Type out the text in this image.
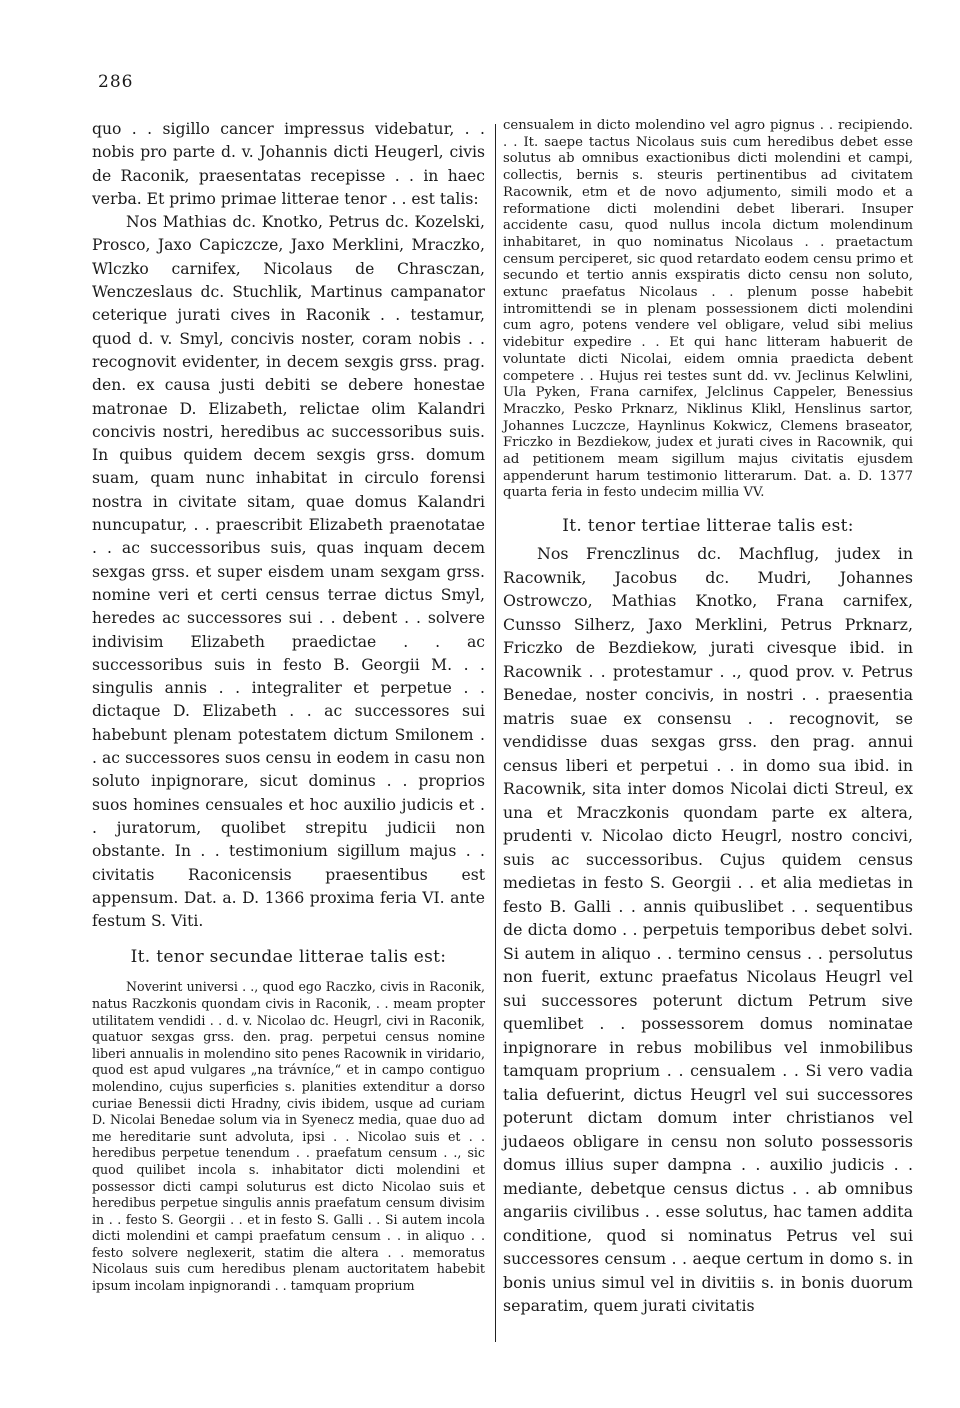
286

quo . . sigillo cancer impressus videbatur, . . nobis pro parte d. v. Johannis dicti Heugerl, civis de Raconik, praesentatas recepisse . . in haec verba. Et primo primae litterae tenor . . est talis:

Nos Mathias dc. Knotko, Petrus dc. Kozelski, Prosco, Jaxo Capiczcze, Jaxo Merklini, Mraczko, Wlczko carnifex, Nicolaus de Chrasczan, Wenczeslaus dc. Stuchlik, Martinus campanator ceterique jurati cives in Raconik . . testamur, quod d. v. Smyl, concivis noster, coram nobis . . recognovit evidenter, in decem sexgis grss. prag. den. ex causa justi debiti se debere honestae matronae D. Elizabeth, relictae olim Kalandri concivis nostri, heredibus ac successoribus suis. In quibus quidem decem sexgis grss. domum suam, quam nunc inhabitat in circulo forensi nostra in civitate sitam, quae domus Kalandri nuncupatur, . . praescribit Elizabeth praenotatae . . ac successoribus suis, quas inquam decem sexgas grss. et super eisdem unam sexgam grss. nomine veri et certi census terrae dictus Smyl, heredes ac successores sui . . debent . . solvere indivisim Elizabeth praedictae . . ac successoribus suis in festo B. Georgii M. . . singulis annis . . integraliter et perpetue . . dictaque D. Elizabeth . . ac successores sui habebunt plenam potestatem dictum Smilonem . . ac successores suos censu in eodem in casu non soluto inpignorare, sicut dominus . . proprios suos homines censuales et hoc auxilio judicis et . . juratorum, quolibet strepitu judicii non obstante. In . . testimonium sigillum majus . . civitatis Raconicensis praesentibus est appensum. Dat. a. D. 1366 proxima feria VI. ante festum S. Viti.

It. tenor secundae litterae talis est:

Noverint universi . ., quod ego Raczko, civis in Raconik, natus Raczkonis quondam civis in Raconik, . . meam propter utilitatem vendidi . . d. v. Nicolao dc. Heugrl, civi in Raconik, quatuor sexgas grss. den. prag. perpetui census nomine liberi annualis in molendino sito penes Racownik in viridario, quod est apud vulgares „na trávníce,“ et in campo contiguo molendino, cujus superficies s. planities extenditur a dorso curiae Benessii dicti Hradny, civis ibidem, usque ad curiam D. Nicolai Benedae solum via in Syenecz media, quae duo ad me hereditarie sunt advoluta, ipsi . . Nicolao suis et . . heredibus perpetue tenendum . . praefatum censum . ., sic quod quilibet incola s. inhabitator dicti molendini et possessor dicti campi soluturus est dicto Nicolao suis et heredibus perpetue singulis annis praefatum censum divisim in . . festo S. Georgii . . et in festo S. Galli . . Si autem incola dicti molendini et campi praefatum censum . . in aliquo . . festo solvere neglexerit, statim die altera . . memoratus Nicolaus suis cum heredibus plenam auctoritatem habebit ipsum incolam inpignorandi . . tamquam proprium

censualem in dicto molendino vel agro pignus . . recipiendo. . . It. saepe tactus Nicolaus suis cum heredibus debet esse solutus ab omnibus exactionibus dicti molendini et campi, collectis, bernis s. steuris pertinentibus ad civitatem Racownik, etm et de novo adjumento, simili modo et a reformatione dicti molendini debet liberari. Insuper accidente casu, quod nullus incola dictum molendinum inhabitaret, in quo nominatus Nicolaus . . praetactum censum perciperet, sic quod retardato eodem censu primo et secundo et tertio annis exspiratis dicto censu non soluto, extunc praefatus Nicolaus . . plenum posse habebit intromittendi se in plenam possessionem dicti molendini cum agro, potens vendere vel obligare, velud sibi melius videbitur expedire . . Et qui hanc litteram habuerit de voluntate dicti Nicolai, eidem omnia praedicta debent competere . . Hujus rei testes sunt dd. vv. Jeclinus Kelwlini, Ula Pyken, Frana carnifex, Jelclinus Cappeler, Benessius Mraczko, Pesko Prknarz, Niklinus Klikl, Henslinus sartor, Johannes Luczcze, Haynlinus Kokwicz, Clemens braseator, Friczko in Bezdiekow, judex et jurati cives in Racownik, qui ad petitionem meam sigillum majus civitatis ejusdem appenderunt harum testimonio litterarum. Dat. a. D. 1377 quarta feria in festo undecim millia VV.

It. tenor tertiae litterae talis est:

Nos Frenczlinus dc. Machflug, judex in Racownik, Jacobus dc. Mudri, Johannes Ostrowczo, Mathias Knotko, Frana carnifex, Cunsso Silherz, Jaxo Merklini, Petrus Prknarz, Friczko de Bezdiekow, jurati civesque ibid. in Racownik . . protestamur . ., quod prov. v. Petrus Benedae, noster concivis, in nostri . . praesentia matris suae ex consensu . . recognovit, se vendidisse duas sexgas grss. den prag. annui census liberi et perpetui . . in domo sua ibid. in Racownik, sita inter domos Nicolai dicti Streul, ex una et Mraczkonis quondam parte ex altera, prudenti v. Nicolao dicto Heugrl, nostro concivi, suis ac successoribus. Cujus quidem census medietas in festo S. Georgii . . et alia medietas in festo B. Galli . . annis quibuslibet . . sequentibus de dicta domo . . perpetuis temporibus debet solvi. Si autem in aliquo . . termino census . . persolutus non fuerit, extunc praefatus Nicolaus Heugrl vel sui successores poterunt dictum Petrum sive quemlibet . . possessorem domus nominatae inpignorare in rebus mobilibus vel inmobilibus tamquam proprium . . censualem . . Si vero vadia talia defuerint, dictus Heugrl vel sui successores poterunt dictam domum inter christianos vel judaeos obligare in censu non soluto possessoris domus illius super dampna . . auxilio judicis . . mediante, debetque census dictus . . ab omnibus angariis civilibus . . esse solutus, hac tamen addita conditione, quod si nominatus Petrus vel sui successores censum . . aeque certum in domo s. in bonis unius simul vel in divitiis s. in bonis duorum separatim, quem jurati civitatis
